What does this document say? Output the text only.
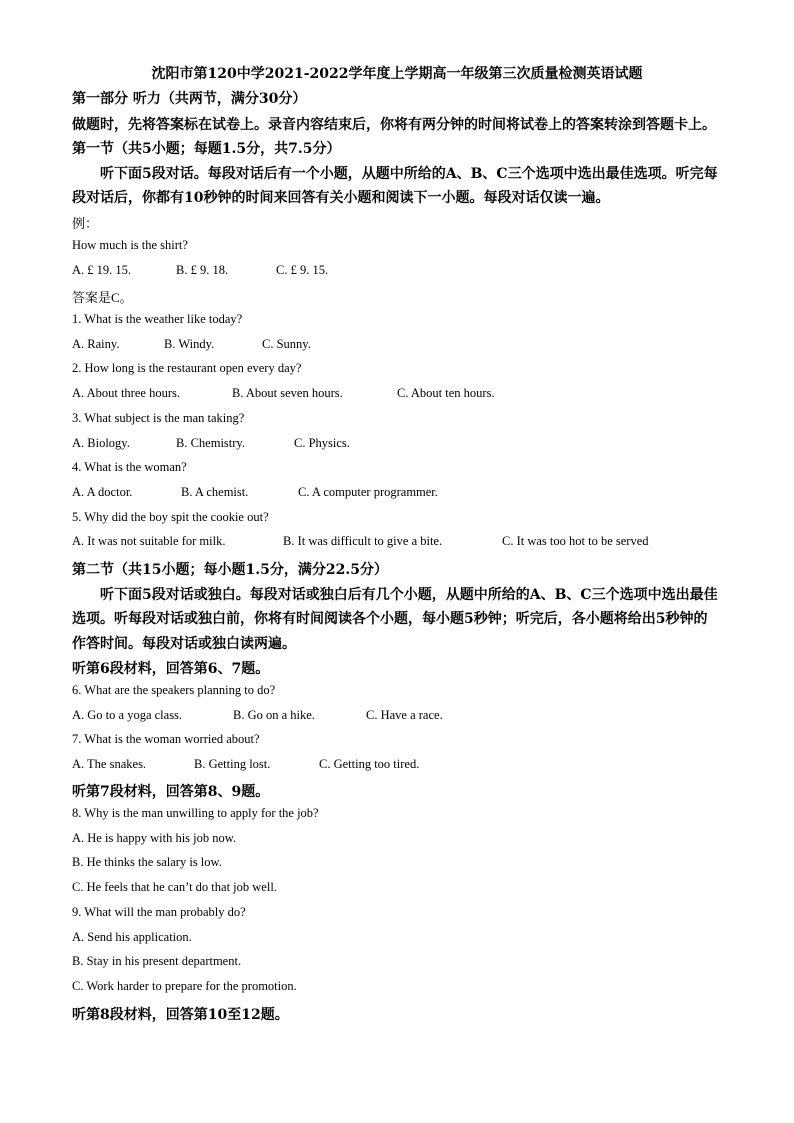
沈阳市第120中学2021-2022学年度上学期高一年级第三次质量检测英语试题
第一部分 听力（共两节，满分30分）
做题时，先将答案标在试卷上。录音内容结束后，你将有两分钟的时间将试卷上的答案转涂到答题卡上。
第一节（共5小题；每题1.5分，共7.5分）
听下面5段对话。每段对话后有一个小题，从题中所给的A、B、C三个选项中选出最佳选项。听完每
段对话后，你都有10秒钟的时间来回答有关小题和阅读下一小题。每段对话仅读一遍。
例：
How much is the shirt?
A. £ 19. 15.	B. £ 9. 18.	C. £ 9. 15.
答案是C。
1. What is the weather like today?
A. Rainy.	B. Windy.	C. Sunny.
2. How long is the restaurant open every day?
A. About three hours.	B. About seven hours.	C. About ten hours.
3. What subject is the man taking?
A. Biology.	B. Chemistry.	C. Physics.
4. What is the woman?
A. A doctor.	B. A chemist.	C. A computer programmer.
5. Why did the boy spit the cookie out?
A. It was not suitable for milk.	B. It was difficult to give a bite.	C. It was too hot to be served
第二节（共15小题；每小题1.5分，满分22.5分）
听下面5段对话或独白。每段对话或独白后有几个小题，从题中所给的A、B、C三个选项中选出最佳
选项。听每段对话或独白前，你将有时间阅读各个小题，每小题5秒钟；听完后，各小题将给出5秒钟的
作答时间。每段对话或独白读两遍。
听第6段材料，回答第6、7题。
6. What are the speakers planning to do?
A. Go to a yoga class.	B. Go on a hike.	C. Have a race.
7. What is the woman worried about?
A. The snakes.	B. Getting lost.	C. Getting too tired.
听第7段材料，回答第8、9题。
8. Why is the man unwilling to apply for the job?
A. He is happy with his job now.
B. He thinks the salary is low.
C. He feels that he can’t do that job well.
9. What will the man probably do?
A. Send his application.
B. Stay in his present department.
C. Work harder to prepare for the promotion.
听第8段材料，回答第10至12题。
